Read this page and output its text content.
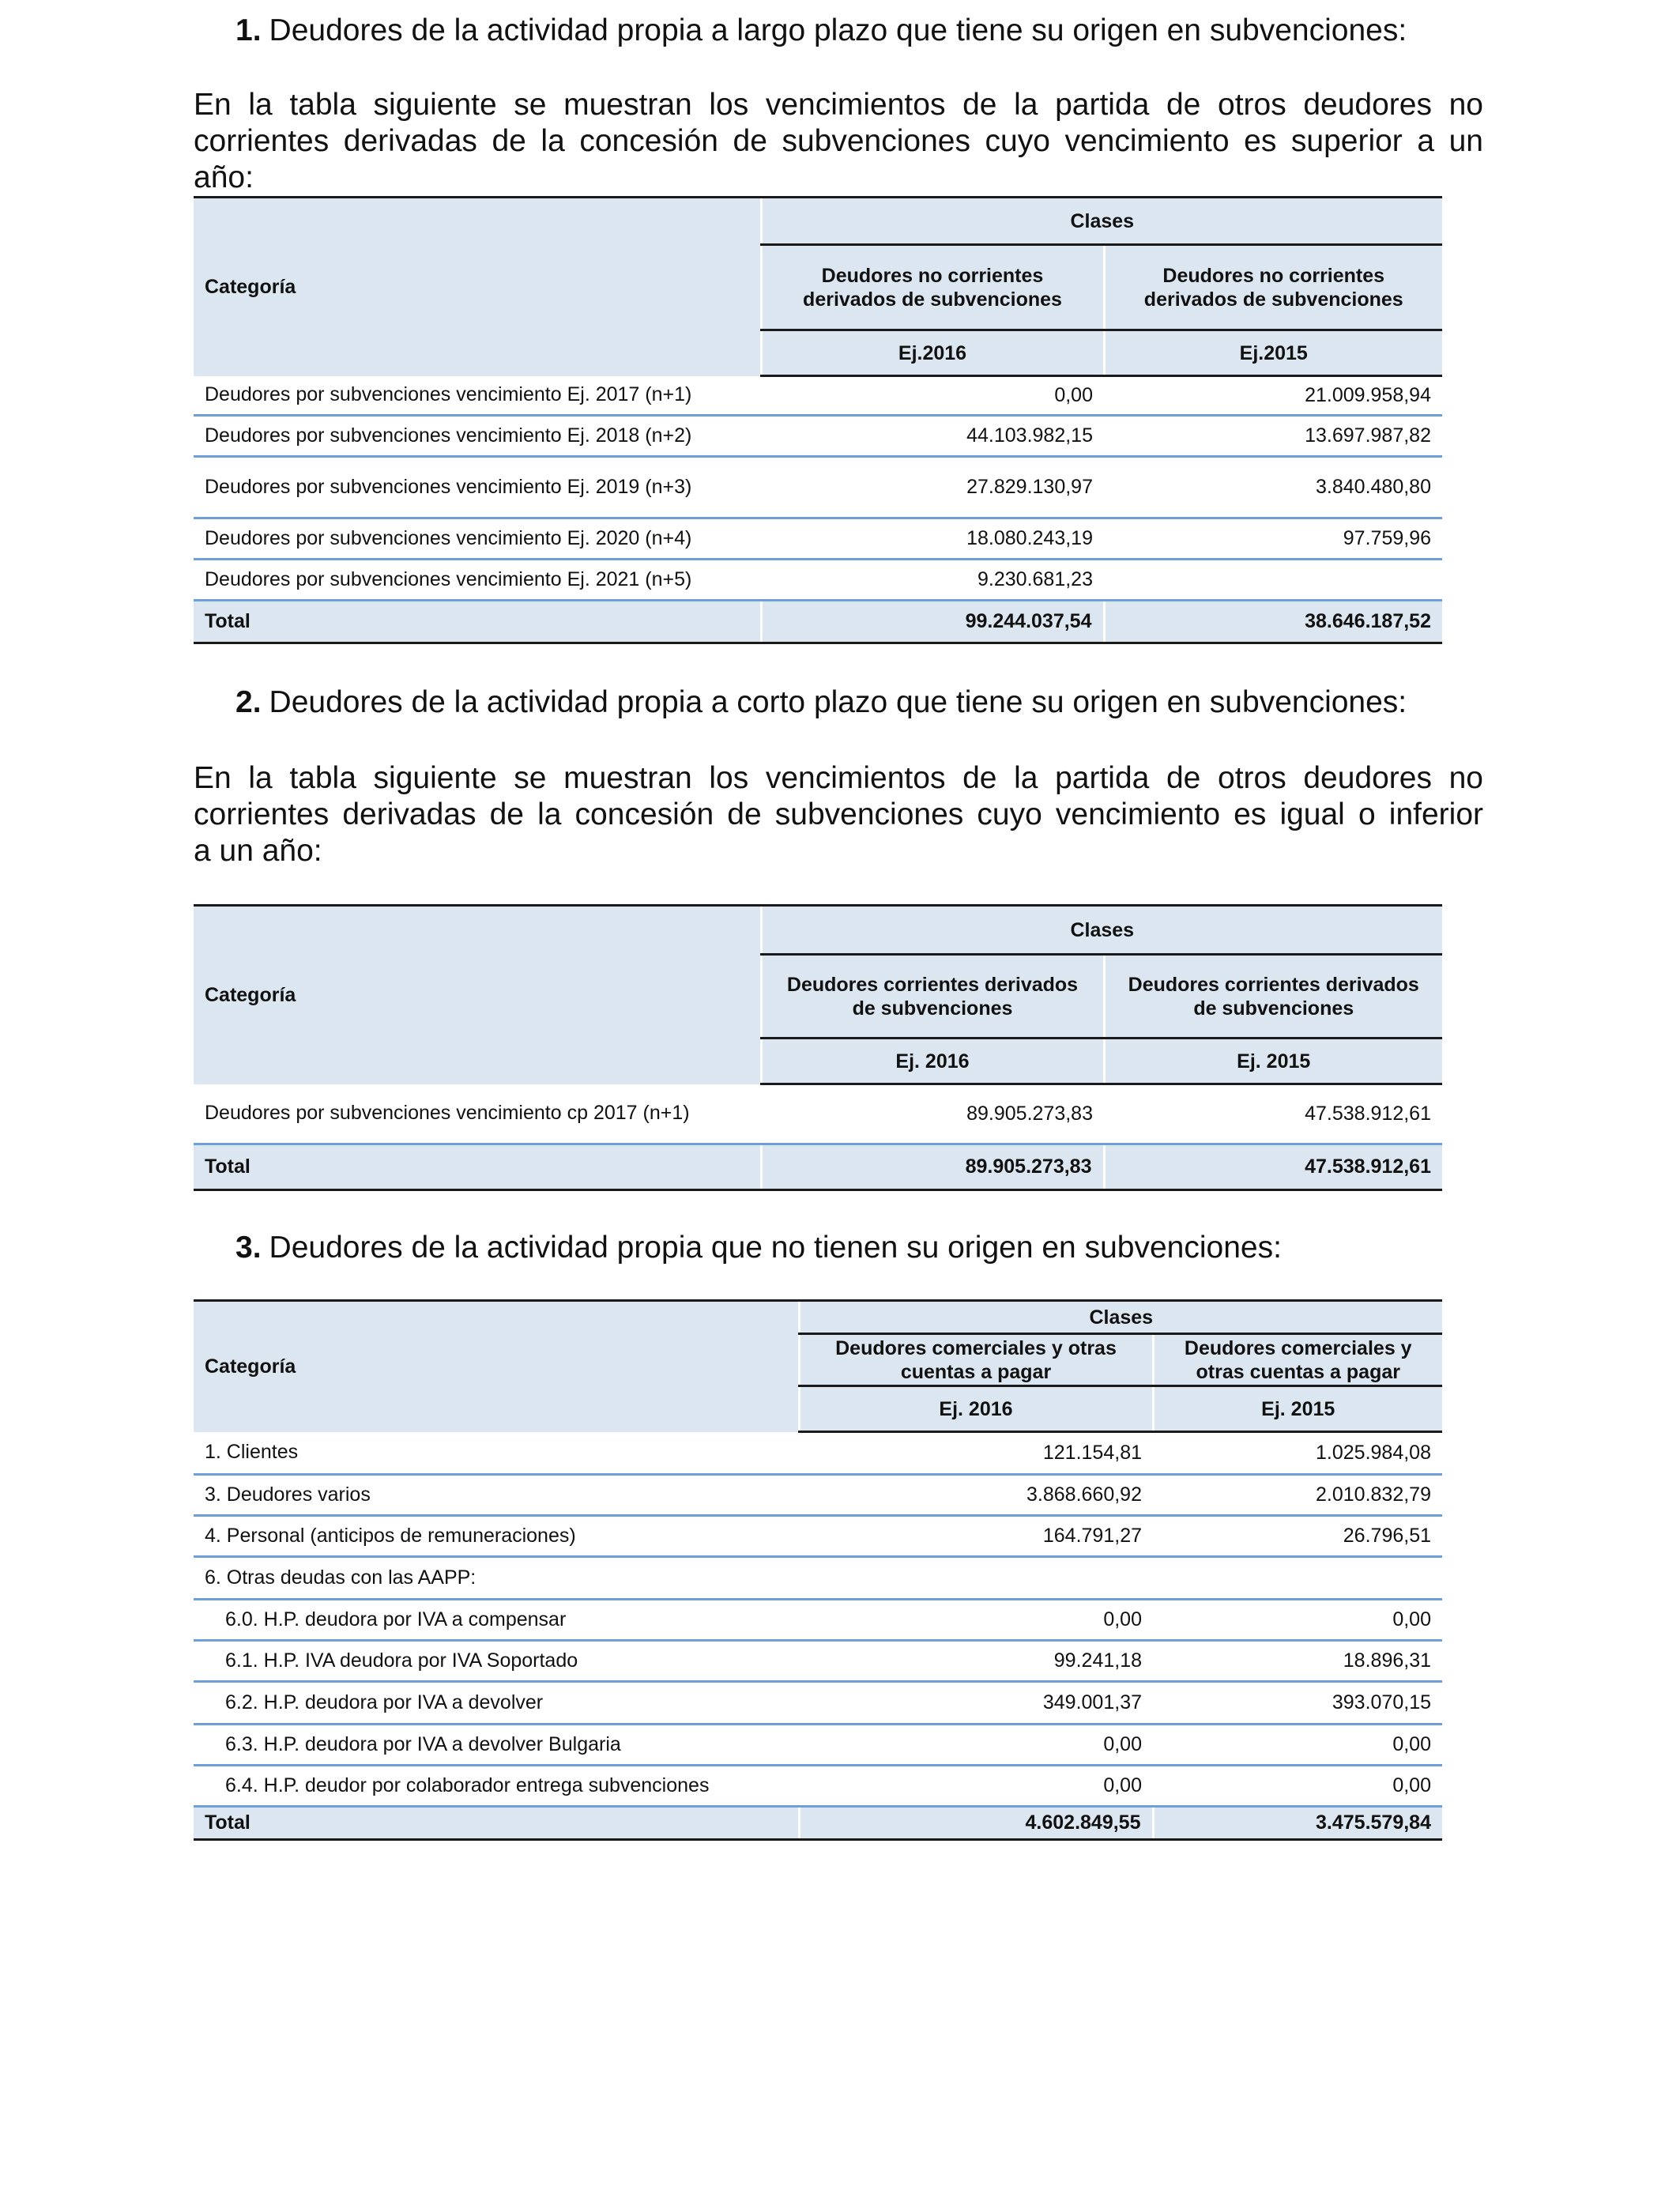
1. Deudores de la actividad propia a largo plazo que tiene su origen en subvenciones:
En la tabla siguiente se muestran los vencimientos de la partida de otros deudores no
corrientes derivadas de la concesión de subvenciones cuyo vencimiento es superior a un
año:
Categoría	Clases	
	Deudores no corrientes derivados de subvenciones	Deudores no corrientes derivados de subvenciones
	Ej.2016	Ej.2015
Deudores por subvenciones vencimiento Ej. 2017 (n+1)	0,00	21.009.958,94
Deudores por subvenciones vencimiento Ej. 2018 (n+2)	44.103.982,15	13.697.987,82
Deudores por subvenciones vencimiento Ej. 2019 (n+3)	27.829.130,97	3.840.480,80
Deudores por subvenciones vencimiento Ej. 2020 (n+4)	18.080.243,19	97.759,96
Deudores por subvenciones vencimiento Ej. 2021 (n+5)	9.230.681,23	
Total	99.244.037,54	38.646.187,52
2. Deudores de la actividad propia a corto plazo que tiene su origen en subvenciones:
En la tabla siguiente se muestran los vencimientos de la partida de otros deudores no
corrientes derivadas de la concesión de subvenciones cuyo vencimiento es igual o inferior
a un año:
Categoría	Clases	
	Deudores corrientes derivados de subvenciones	Deudores corrientes derivados de subvenciones
	Ej. 2016	Ej. 2015
Deudores por subvenciones vencimiento cp 2017 (n+1)	89.905.273,83	47.538.912,61
Total	89.905.273,83	47.538.912,61
3. Deudores de la actividad propia que no tienen su origen en subvenciones:
Categoría	Clases	
	Deudores comerciales y otras cuentas a pagar	Deudores comerciales y otras cuentas a pagar
	Ej. 2016	Ej. 2015
1. Clientes	121.154,81	1.025.984,08
3. Deudores varios	3.868.660,92	2.010.832,79
4. Personal (anticipos de remuneraciones)	164.791,27	26.796,51
6. Otras deudas con las AAPP:		
6.0. H.P. deudora por IVA a compensar	0,00	0,00
6.1. H.P. IVA deudora por IVA Soportado	99.241,18	18.896,31
6.2. H.P. deudora por IVA a devolver	349.001,37	393.070,15
6.3. H.P. deudora por IVA a devolver Bulgaria	0,00	0,00
6.4. H.P. deudor por colaborador entrega subvenciones	0,00	0,00
Total	4.602.849,55	3.475.579,84
